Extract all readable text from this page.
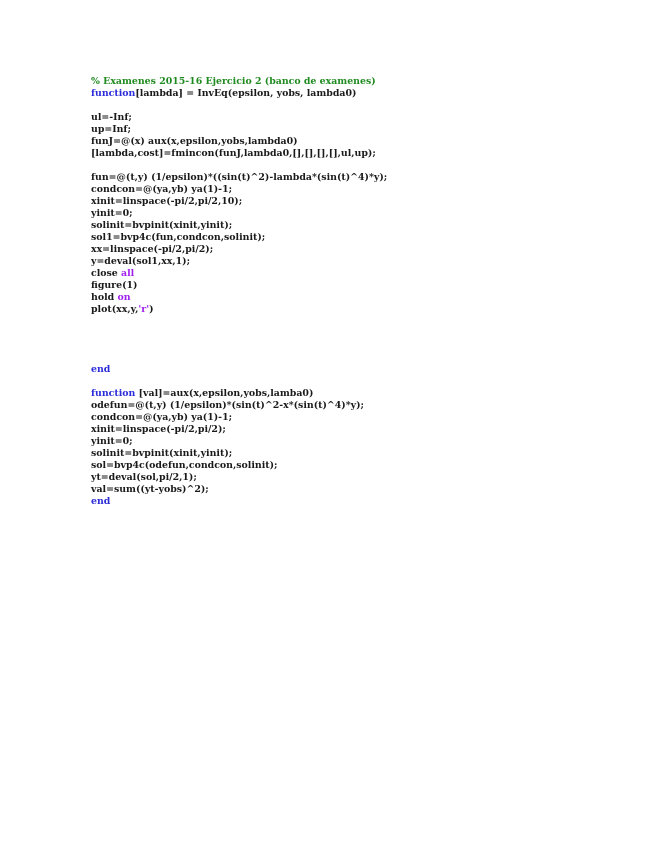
% Examenes 2015-16 Ejercicio 2 (banco de examenes)
function[lambda] = InvEq(epsilon, yobs, lambda0)
ul=-Inf;
up=Inf;
funJ=@(x) aux(x,epsilon,yobs,lambda0)
[lambda,cost]=fmincon(funJ,lambda0,[],[],[],[],ul,up);
fun=@(t,y) (1/epsilon)*((sin(t)^2)-lambda*(sin(t)^4)*y);
condcon=@(ya,yb) ya(1)-1;
xinit=linspace(-pi/2,pi/2,10);
yinit=0;
solinit=bvpinit(xinit,yinit);
sol1=bvp4c(fun,condcon,solinit);
xx=linspace(-pi/2,pi/2);
y=deval(sol1,xx,1);
close all
figure(1)
hold on
plot(xx,y,'r')
end
function [val]=aux(x,epsilon,yobs,lamba0)
odefun=@(t,y) (1/epsilon)*(sin(t)^2-x*(sin(t)^4)*y);
condcon=@(ya,yb) ya(1)-1;
xinit=linspace(-pi/2,pi/2);
yinit=0;
solinit=bvpinit(xinit,yinit);
sol=bvp4c(odefun,condcon,solinit);
yt=deval(sol,pi/2,1);
val=sum((yt-yobs)^2);
end
